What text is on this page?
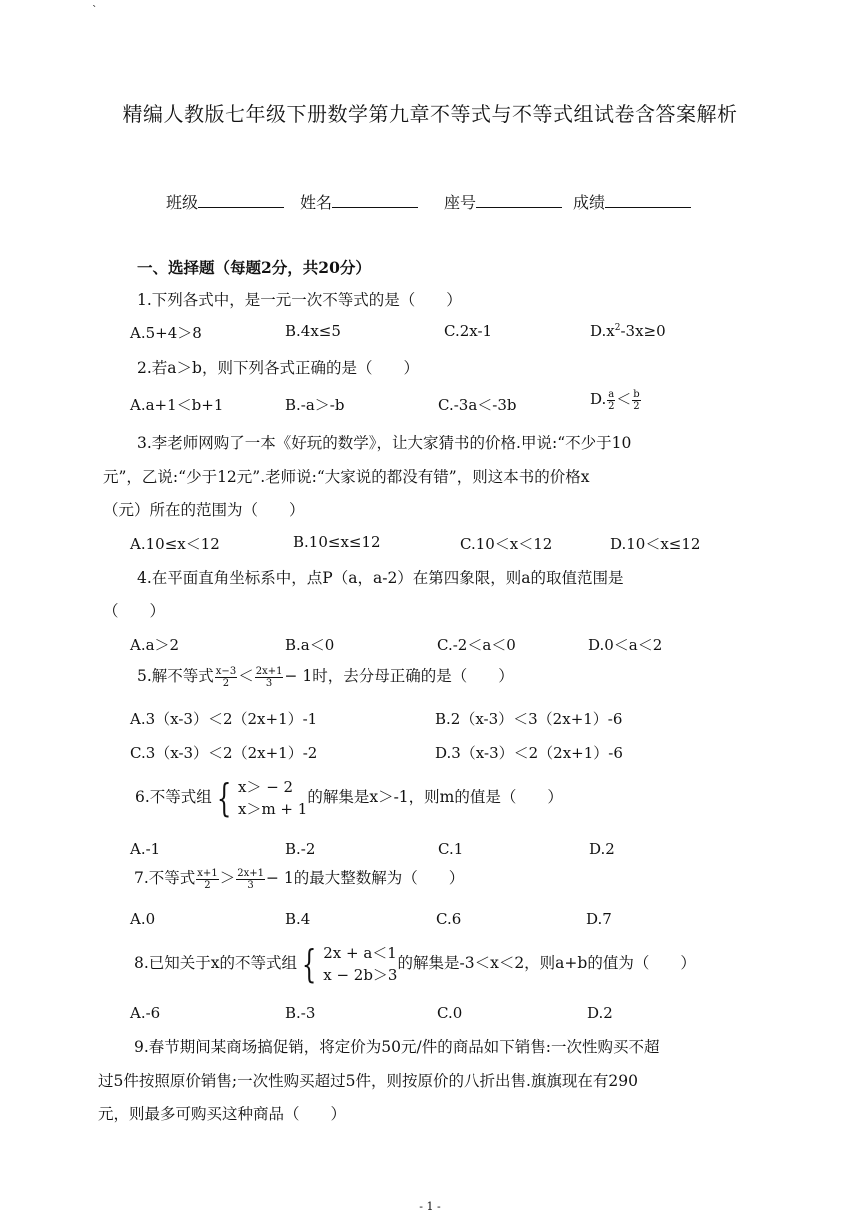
`
精编人教版七年级下册数学第九章不等式与不等式组试卷含答案解析
班级	姓名	座号	成绩
一、选择题（每题2分，共20分）
1.下列各式中，是一元一次不等式的是（　　）
A.5+4＞8	B.4x≤5	C.2x-1	$D.x^2-3x\ge 0$
2.若a＞b，则下列各式正确的是（　　）
A.a+1＜b+1	B.-a＞-b	C.-3a＜-3b	D. $\frac{a}{2} < \frac{b}{2}$
3.李老师网购了一本《好玩的数学》，让大家猜书的价格.甲说:“不少于10
元”，乙说:“少于12元”.老师说:“大家说的都没有错”，则这本书的价格x
（元）所在的范围为（　　）
A.10≤x＜12	B.10≤x≤12	C.10＜x＜12	D.10＜x≤12
4.在平面直角坐标系中，点P（a，a-2）在第四象限，则a的取值范围是
（　　）
A.a＞2	B.a＜0	C.-2＜a＜0	D.0＜a＜2
5.解不等式 $\frac{x-3}{2} < \frac{2x+1}{3} - 1$时，去分母正确的是（　　）
A.3（x-3）＜2（2x+1）-1	B.2（x-3）＜3（2x+1）-6
C.3（x-3）＜2（2x+1）-2	D.3（x-3）＜2（2x+1）-6
6.不等式组 { x＞ − 2
x＞m + 1
的解集是x＞-1，则m的值是（　　）
A.-1	B.-2	C.1	D.2
7.不等式 $\frac{x+1}{2} > \frac{2x+1}{3} - 1$的最大整数解为（　　）
A.0	B.4	C.6	D.7
8.已知关于x的不等式组 { 2x + a＜1
x − 2b＞3
的解集是-3＜x＜2，则a+b的值为（　　）
A.-6	B.-3	C.0	D.2
9.春节期间某商场搞促销，将定价为50元/件的商品如下销售:一次性购买不超
过5件按照原价销售;一次性购买超过5件，则按原价的八折出售.旗旗现在有290
元，则最多可购买这种商品（　　）
- 1 -
